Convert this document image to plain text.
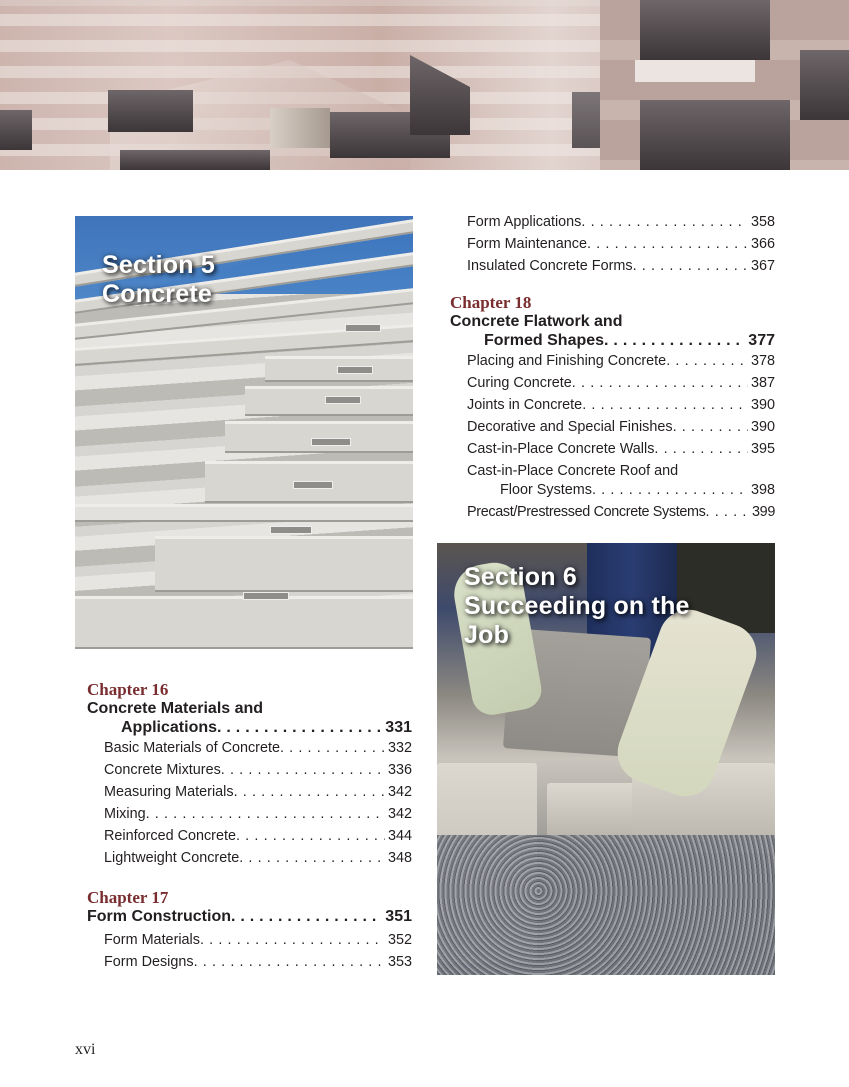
Section 5
Concrete
Section 6
Succeeding on the
Job
Chapter 16
Concrete Materials and
Applications . . .	331
Basic Materials of Concrete . . .	332
Concrete Mixtures . . .	336
Measuring Materials . . .	342
Mixing . . .	342
Reinforced Concrete . . .	344
Lightweight Concrete . . .	348
Chapter 17
Form Construction . . .	351
Form Materials . . .	352
Form Designs . . .	353
Form Applications . . .	358
Form Maintenance . . .	366
Insulated Concrete Forms . . .	367
Chapter 18
Concrete Flatwork and
Formed Shapes . . .	377
Placing and Finishing Concrete . . .	378
Curing Concrete . . .	387
Joints in Concrete . . .	390
Decorative and Special Finishes . . .	390
Cast-in-Place Concrete Walls . . .	395
Cast-in-Place Concrete Roof and
Floor Systems . . .	398
Precast/Prestressed Concrete Systems . . .	399
xvi
